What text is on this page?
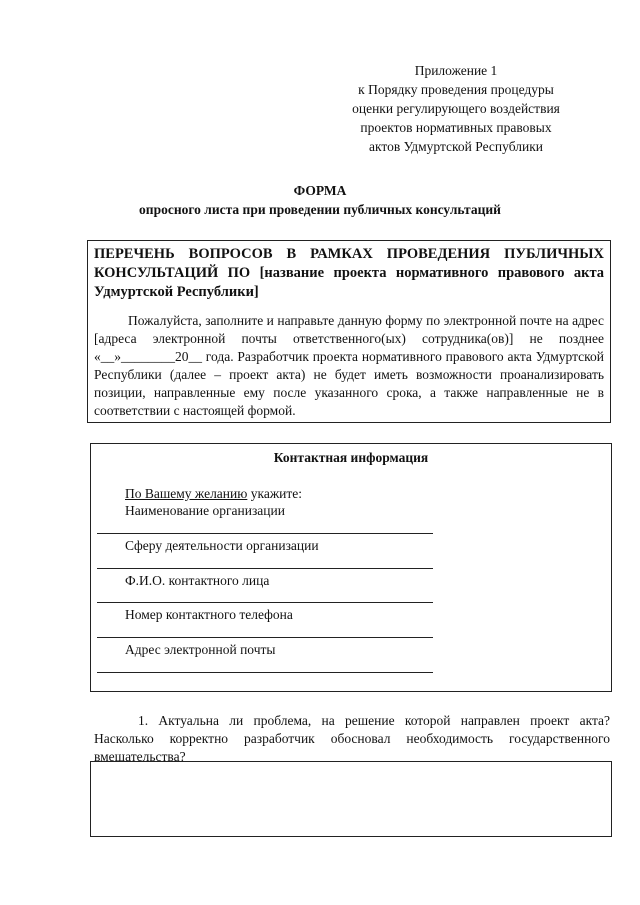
Приложение 1
к Порядку проведения процедуры
оценки регулирующего воздействия
проектов нормативных правовых
актов Удмуртской Республики
ФОРМА
опросного листа при проведении публичных консультаций
ПЕРЕЧЕНЬ ВОПРОСОВ В РАМКАХ ПРОВЕДЕНИЯ ПУБЛИЧНЫХ
КОНСУЛЬТАЦИЙ ПО [название проекта нормативного правового акта Удмуртской Республики]
Пожалуйста, заполните и направьте данную форму по электронной почте на адрес [адреса электронной почты ответственного(ых) сотрудника(ов)] не позднее «__»________20__ года. Разработчик проекта нормативного правового акта Удмуртской Республики (далее – проект акта) не будет иметь возможности проанализировать позиции, направленные ему после указанного срока, а также направленные не в соответствии с настоящей формой.
Контактная информация
По Вашему желанию укажите:
Наименование организации
Сферу деятельности организации
Ф.И.О. контактного лица
Номер контактного телефона
Адрес электронной почты
1. Актуальна ли проблема, на решение которой направлен проект акта?
Насколько корректно разработчик обосновал необходимость государственного вмешательства?
